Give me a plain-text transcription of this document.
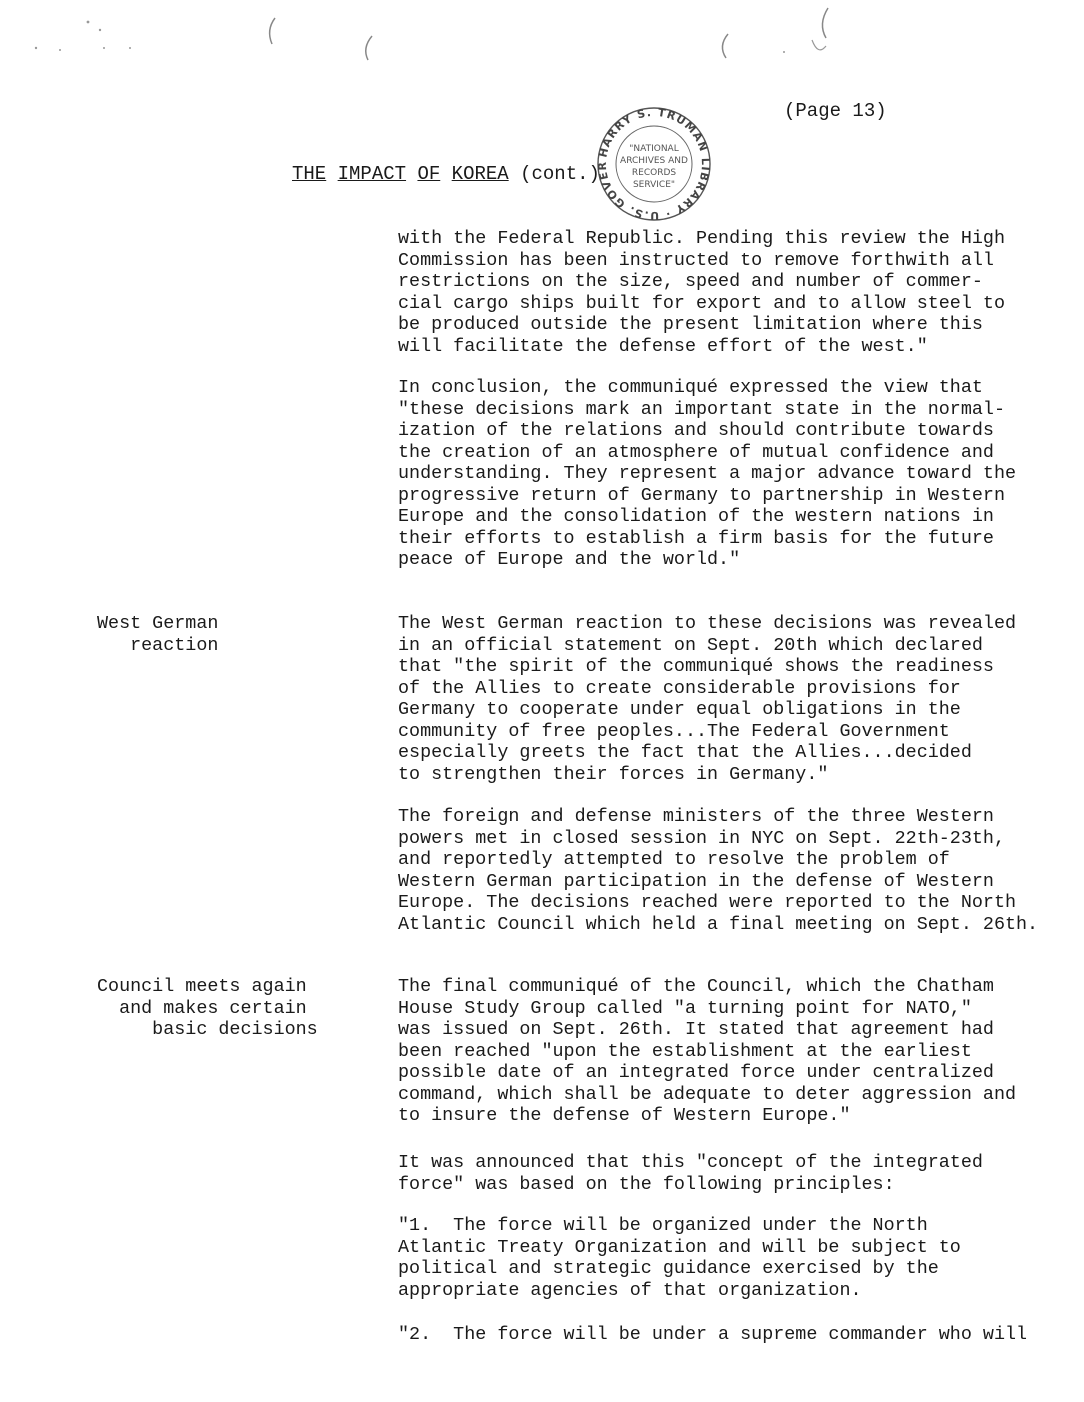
(Page 13)
HARRY S. TRUMAN LIBRARY · U.S. GOVER
"NATIONAL
ARCHIVES AND
RECORDS
SERVICE"
THE IMPACT OF KOREA (cont.)

with the Federal Republic. Pending this review the High
Commission has been instructed to remove forthwith all
restrictions on the size, speed and number of commer-
cial cargo ships built for export and to allow steel to
be produced outside the present limitation where this
will facilitate the defense effort of the west."

In conclusion, the communiqué expressed the view that
"these decisions mark an important state in the normal-
ization of the relations and should contribute towards
the creation of an atmosphere of mutual confidence and
understanding. They represent a major advance toward the
progressive return of Germany to partnership in Western
Europe and the consolidation of the western nations in
their efforts to establish a firm basis for the future
peace of Europe and the world."

West German
reaction

The West German reaction to these decisions was revealed
in an official statement on Sept. 20th which declared
that "the spirit of the communiqué shows the readiness
of the Allies to create considerable provisions for
Germany to cooperate under equal obligations in the
community of free peoples...The Federal Government
especially greets the fact that the Allies...decided
to strengthen their forces in Germany."

The foreign and defense ministers of the three Western
powers met in closed session in NYC on Sept. 22th-23th,
and reportedly attempted to resolve the problem of
Western German participation in the defense of Western
Europe. The decisions reached were reported to the North
Atlantic Council which held a final meeting on Sept. 26th.

Council meets again
and makes certain
basic decisions

The final communiqué of the Council, which the Chatham
House Study Group called "a turning point for NATO,"
was issued on Sept. 26th. It stated that agreement had
been reached "upon the establishment at the earliest
possible date of an integrated force under centralized
command, which shall be adequate to deter aggression and
to insure the defense of Western Europe."

It was announced that this "concept of the integrated
force" was based on the following principles:

"1.  The force will be organized under the North
Atlantic Treaty Organization and will be subject to
political and strategic guidance exercised by the
appropriate agencies of that organization.

"2.  The force will be under a supreme commander who will
